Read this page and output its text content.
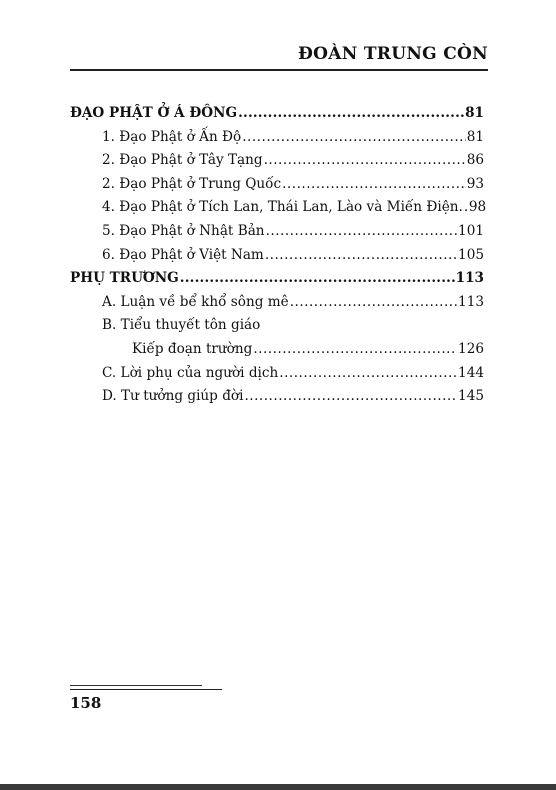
ĐOÀN TRUNG CÒN
ĐẠO PHẬT Ở Á ĐÔNG .....	81
1. Đạo Phật ở Ấn Độ .....	81
2. Đạo Phật ở Tây Tạng .....	86
2. Đạo Phật ở Trung Quốc .....	93
4. Đạo Phật ở Tích Lan, Thái Lan, Lào và Miến Điện. ..... 98
5. Đạo Phật ở Nhật Bản .....	101
6. Đạo Phật ở Việt Nam .....	105
PHỤ TRƯƠNG .....	113
A. Luận về bể khổ sông mê .....	113
B. Tiểu thuyết tôn giáo
Kiếp đoạn trường .....	126
C. Lời phụ của người dịch .....	144
D. Tư tưởng giúp đời .....	145
158
